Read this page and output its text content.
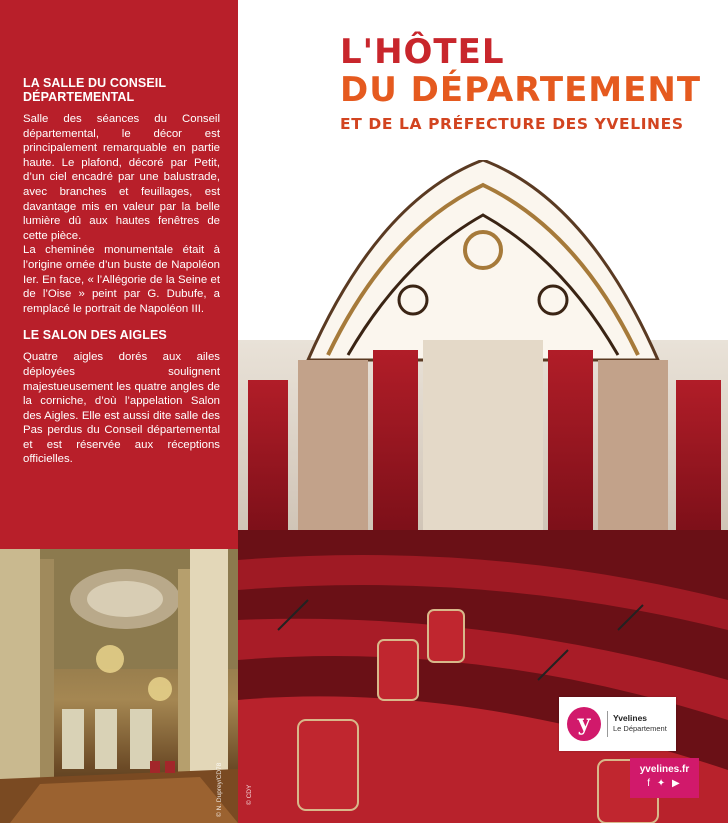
LA SALLE DU CONSEIL DÉPARTEMENTAL

Salle des séances du Conseil départemental, le décor est principalement remarquable en partie haute. Le plafond, décoré par Petit, d’un ciel encadré par une balustrade, avec branches et feuillages, est davantage mis en valeur par la belle lumière dû aux hautes fenêtres de cette pièce.

La cheminée monumentale était à l’origine ornée d’un buste de Napoléon Ier. En face, « l’Allégorie de la Seine et de l’Oise » peint par G. Dubufe, a remplacé le portrait de Napoléon III.

LE SALON DES AIGLES

Quatre aigles dorés aux ailes déployées soulignent majestueusement les quatre angles de la corniche, d’où l’appelation Salon des Aigles. Elle est aussi dite salle des Pas perdus du Conseil départemental et est réservée aux réceptions officielles.

© N. Duprey/CD78
L'HÔTEL
DU DÉPARTEMENT
ET DE LA PRÉFECTURE DES YVELINES
© CDY
y	Yvelines
Le Département
yvelines.fr
f ✦ ▶
